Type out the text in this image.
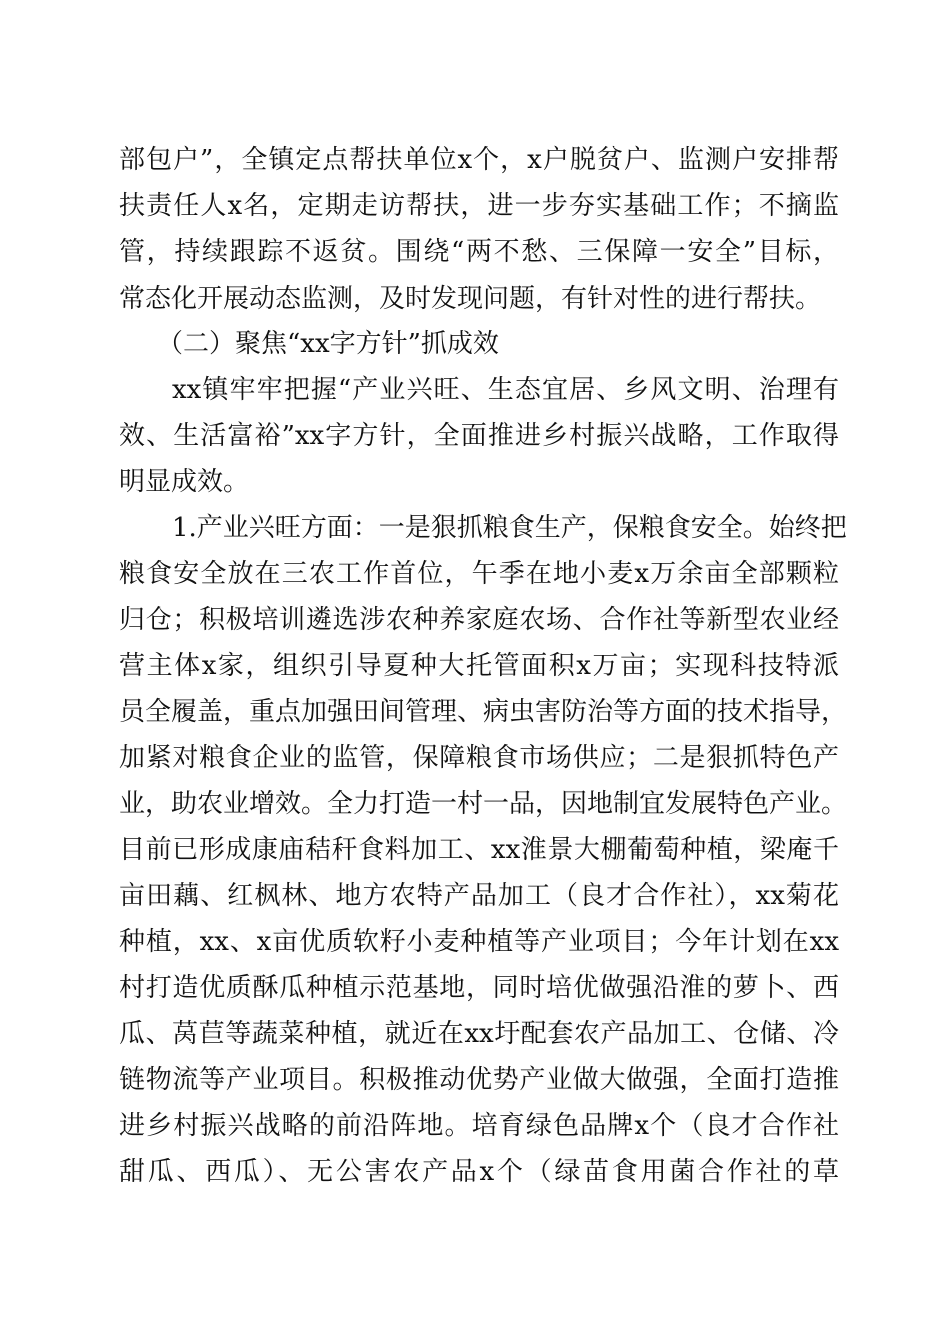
部包户”，全镇定点帮扶单位x个，x户脱贫户、监测户安排帮
扶责任人x名，定期走访帮扶，进一步夯实基础工作；不摘监
管，持续跟踪不返贫。围绕“两不愁、三保障一安全”目标，
常态化开展动态监测，及时发现问题，有针对性的进行帮扶。
（二）聚焦“xx字方针”抓成效
xx镇牢牢把握“产业兴旺、生态宜居、乡风文明、治理有
效、生活富裕”xx字方针，全面推进乡村振兴战略，工作取得
明显成效。
1.产业兴旺方面：一是狠抓粮食生产，保粮食安全。始终把
粮食安全放在三农工作首位，午季在地小麦x万余亩全部颗粒
归仓；积极培训遴选涉农种养家庭农场、合作社等新型农业经
营主体x家，组织引导夏种大托管面积x万亩；实现科技特派
员全履盖，重点加强田间管理、病虫害防治等方面的技术指导，
加紧对粮食企业的监管，保障粮食市场供应；二是狠抓特色产
业，助农业增效。全力打造一村一品，因地制宜发展特色产业。
目前已形成康庙秸秆食料加工、xx淮景大棚葡萄种植，梁庵千
亩田藕、红枫林、地方农特产品加工（良才合作社），xx菊花
种植，xx、x亩优质软籽小麦种植等产业项目；今年计划在xx
村打造优质酥瓜种植示范基地，同时培优做强沿淮的萝卜、西
瓜、莴苣等蔬菜种植，就近在xx圩配套农产品加工、仓储、冷
链物流等产业项目。积极推动优势产业做大做强，全面打造推
进乡村振兴战略的前沿阵地。培育绿色品牌x个（良才合作社
甜瓜、西瓜）、无公害农产品x个（绿苗食用菌合作社的草
